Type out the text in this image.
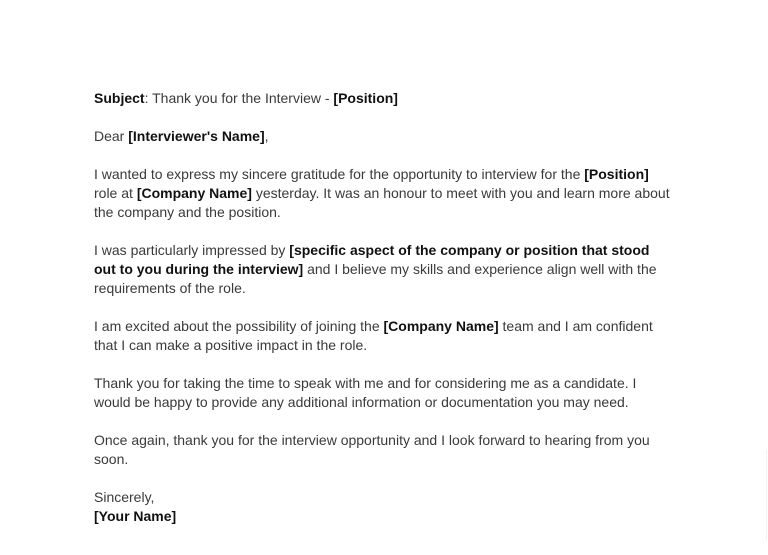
Subject: Thank you for the Interview - [Position]

Dear [Interviewer's Name],

I wanted to express my sincere gratitude for the opportunity to interview for the [Position] role at [Company Name] yesterday. It was an honour to meet with you and learn more about the company and the position.

I was particularly impressed by [specific aspect of the company or position that stood out to you during the interview] and I believe my skills and experience align well with the requirements of the role.

I am excited about the possibility of joining the [Company Name] team and I am confident that I can make a positive impact in the role.

Thank you for taking the time to speak with me and for considering me as a candidate. I would be happy to provide any additional information or documentation you may need.

Once again, thank you for the interview opportunity and I look forward to hearing from you soon.

Sincerely,
[Your Name]
